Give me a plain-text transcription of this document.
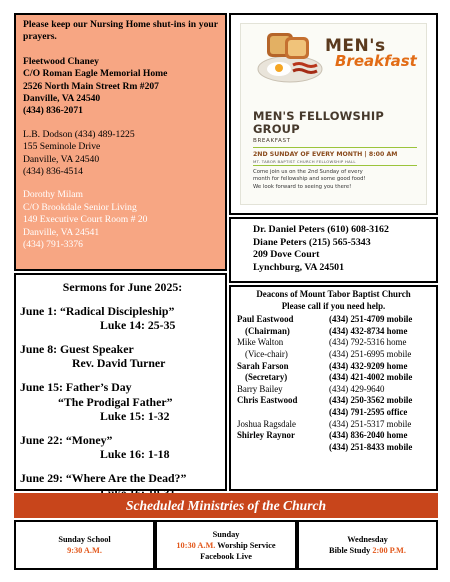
Please keep our Nursing Home shut-ins in your prayers.
Fleetwood Chaney
C/O Roman Eagle Memorial Home
2526 North Main Street Rm #207
Danville, VA 24540
(434) 836-2071
L.B. Dodson (434) 489-1225
155 Seminole Drive
Danville, VA 24540
(434) 836-4514
Dorothy Milam
C/O Brookdale Senior Living
149 Executive Court Room # 20
Danville, VA 24541
(434) 791-3376
MEN's
Breakfast
MEN'S FELLOWSHIP
GROUP
BREAKFAST
2ND SUNDAY OF EVERY MONTH | 8:00 AM
MT. TABOR BAPTIST CHURCH FELLOWSHIP HALL
Come join us on the 2nd Sunday of every
month for fellowship and some good food!
We look forward to seeing you there!
Dr. Daniel Peters (610) 608-3162
Diane Peters (215) 565-5343
209 Dove Court
Lynchburg, VA 24501
Sermons for June 2025:
June 1: “Radical Discipleship”
Luke 14: 25-35
June 8: Guest Speaker
Rev. David Turner
June 15: Father’s Day
“The Prodigal Father”
Luke 15: 1-32
June 22: “Money”
Luke 16: 1-18
June 29: “Where Are the Dead?”
Deacons of Mount Tabor Baptist Church
Please call if you need help.
Paul Eastwood	(434) 251-4709 mobile
(Chairman)	(434) 432-8734 home
Mike Walton	(434) 792-5316 home
(Vice-chair)	(434) 251-6995 mobile
Sarah Farson	(434) 432-9209 home
(Secretary)	(434) 421-4002 mobile
Barry Bailey	(434) 429-9640
Chris Eastwood	(434) 250-3562 mobile
(434) 791-2595 office
Joshua Ragsdale	(434) 251-5317 mobile
Shirley Raynor	(434) 836-2040 home
(434) 251-8433 mobile
Scheduled Ministries of the Church
Sunday School
9:30 A.M.
Sunday
10:30 A.M. Worship Service
Facebook Live
Wednesday
Bible Study 2:00 P.M.
